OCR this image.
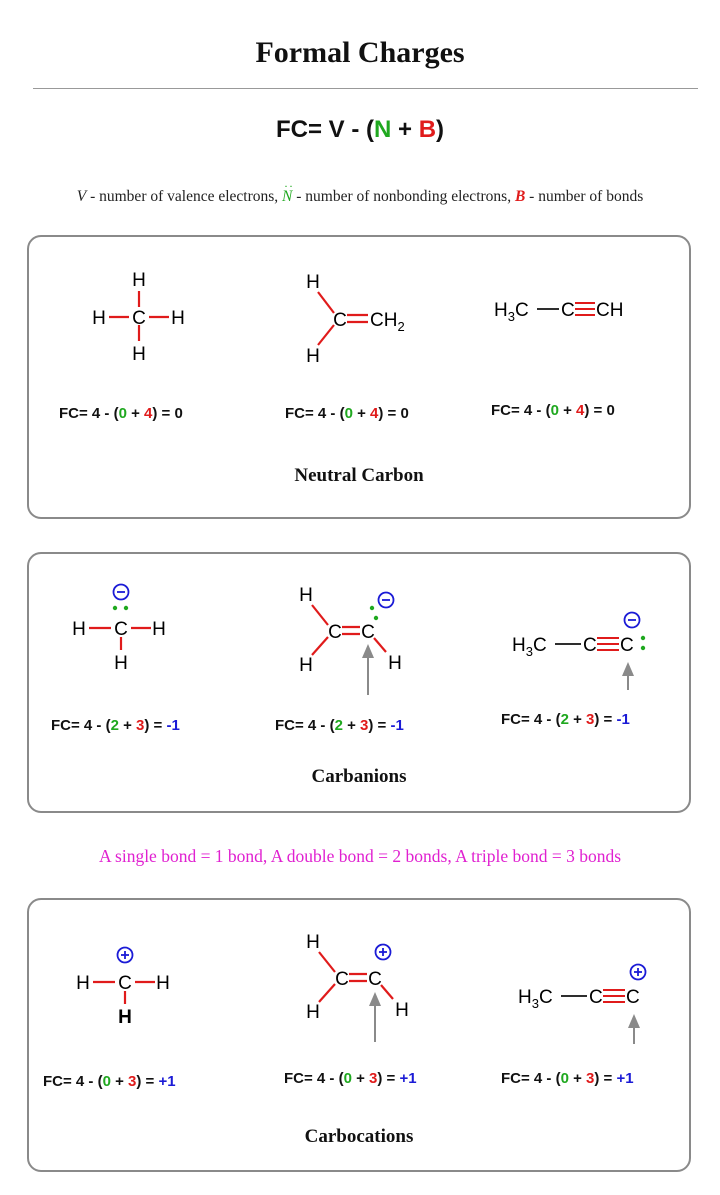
Formal Charges
FC= V - (N + B)
V - number of valence electrons, N
··
- number of nonbonding electrons, B - number of bonds
C
H
H
H	H
H
H
C $CH_2$
$H_3C$ C CH
FC= 4 - (0 + 4) = 0	FC= 4 - (0 + 4) = 0	FC= 4 - (0 + 4) = 0
Neutral Carbon
C
H	H
H
H
H
C C
H
$H_3C$ C C
FC= 4 - (2 + 3) = -1	FC= 4 - (2 + 3) = -1	FC= 4 - (2 + 3) = -1
Carbanions
A single bond = 1 bond, A double bond = 2 bonds, A triple bond = 3 bonds
C
H	H
H
H
H
C C
H
$H_3C$ C C
FC= 4 - (0 + 3) = +1	FC= 4 - (0 + 3) = +1	FC= 4 - (0 + 3) = +1
Carbocations
